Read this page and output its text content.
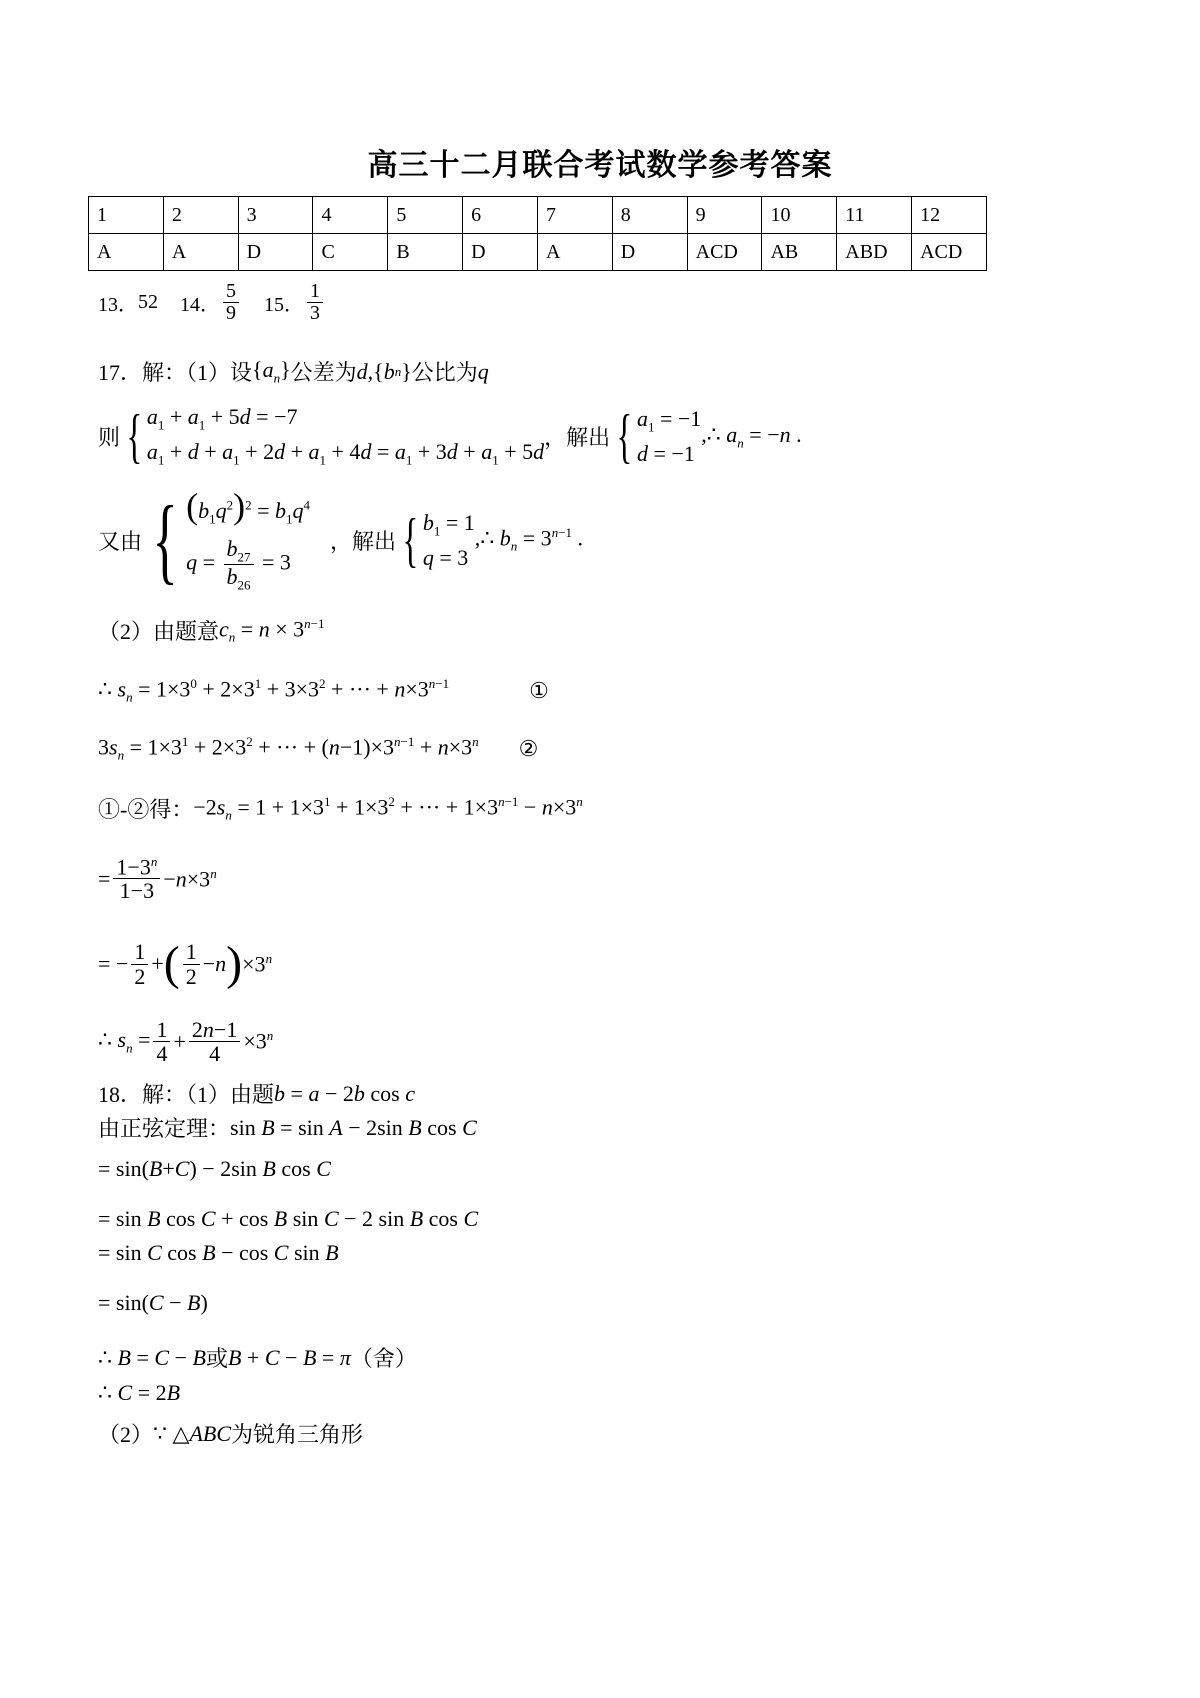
高三十二月联合考试数学参考答案
1	2	3	4	5	6	7	8	9	10	11	12
A	A	D	C	B	D	A	D	ACD	AB	ABD	ACD
13． 52 14． $\frac{5}{9} 15$． $\frac{1}{3}$
17．解：（1）设 $\{a_n\}$ 公差为 d ,{ b n } 公比为 q
则 { $a_1 + a_1 + 5d = -7$
$a_1 + d + a_1 + 2d + a_1 + 4d = a_1 + 3d + a_1 + 5d$
，解出 { $a_1 = -1$
d = −1
,∴ $a_n = -n$ .
又由 { $(b_1q^2)^2 = b_1q^4$
$q = \frac{b_{27}}{b_{26}} = 3$
，解出 { $b_1 = 1$
q = 3
,∴ $b_n = 3^{n-1}$ .
（2）由题意 $c_n = n \times 3^{n-1}$
∴ $s_n = 1\times 3^0 + 2\times 3^1 + 3\times 3^2$ + ··· + $n\times 3^{n-1}$	①
$3s_n = 1\times 3^1 + 2\times 3^2$ + ··· + $(n-1)\times 3^{n-1} + n\times 3^n$ ②
①-②得： $-2s_n = 1 + 1\times 3^1 + 1\times 3^2$ + ··· + $1\times 3^{n-1} - n\times 3^n$
= $\frac{1-3^n}{1-3} -n\times 3^n$
= − $\frac{1}{2}$ + ( $\frac{1}{2} -n$ ) $\times 3^n$
∴ $s_n = \frac{1}{4} + \frac{2n-1}{4} \times 3^n$
18．解：（1）由题 b = a − 2b cos c
由正弦定理： sin B = sin A − 2sin B cos C
= sin(B+C) − 2sin B cos C
= sin B cos C + cos B sin C − 2 sin B cos C
= sin C cos B − cos C sin B
= sin(C − B)
∴ B = C − B 或 B + C − B = π （舍）
∴ C = 2B
（2） ∵ △ABC 为锐角三角形
